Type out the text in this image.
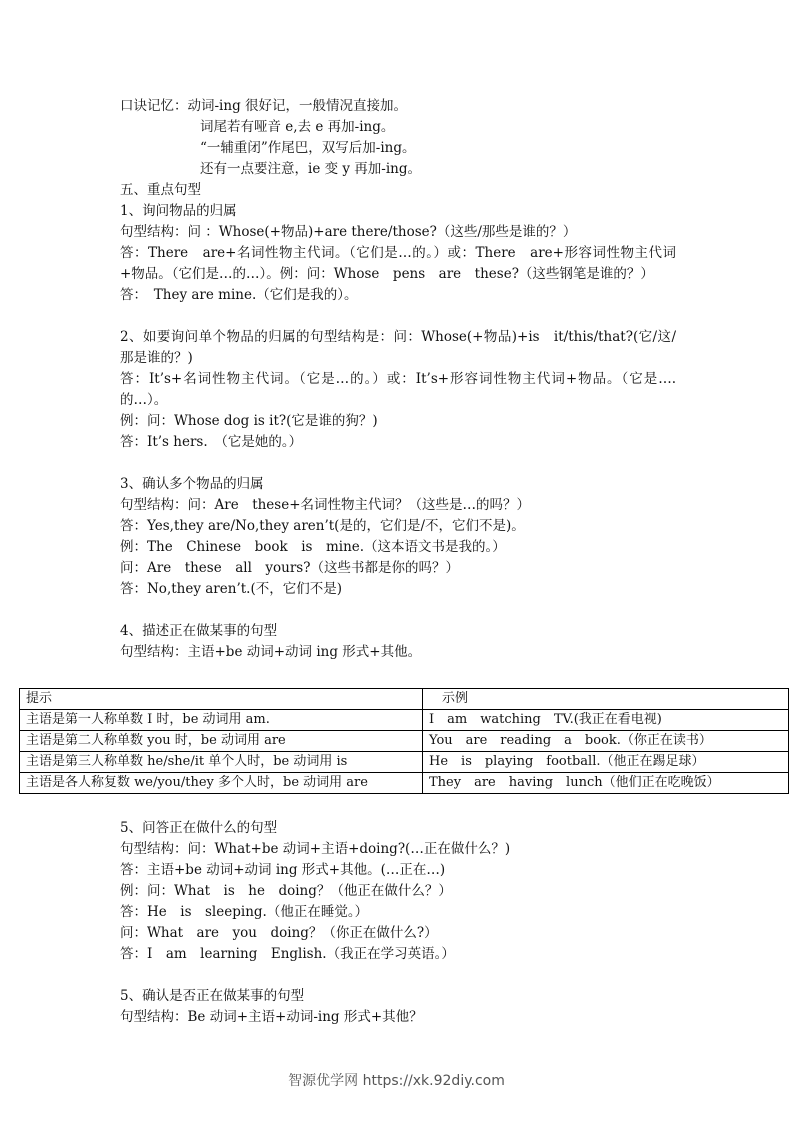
口诀记忆：动词-ing 很好记，一般情况直接加。
词尾若有哑音 e,去 e 再加-ing。
“一辅重闭”作尾巴，双写后加-ing。
还有一点要注意，ie 变 y 再加-ing。
五、重点句型
1、询问物品的归属
句型结构：问 ：Whose(+物品)+are there/those?（这些/那些是谁的？）
答：There　are+名词性物主代词。（它们是…的。）或：There　are+形容词性物主代词+物品。（它们是…的…）。例：问：Whose　pens　are　these?（这些钢笔是谁的？）
答：　They are mine.（它们是我的）。
2、如要询问单个物品的归属的句型结构是：问：Whose(+物品)+is　it/this/that?(它/这/那是谁的？)
答：It’s+名词性物主代词。（它是…的。）或：It’s+形容词性物主代词+物品。（它是….的…）。
例：问：Whose dog is it?(它是谁的狗？)
答：It’s hers.　（它是她的。）
3、确认多个物品的归属
句型结构：问：Are　these+名词性物主代词？（这些是…的吗？）
答：Yes,they are/No,they aren’t(是的，它们是/不，它们不是)。
例：The　Chinese　book　is　mine.（这本语文书是我的。）
问：Are　these　all　yours?（这些书都是你的吗？）
答：No,they aren’t.(不，它们不是)
4、描述正在做某事的句型
句型结构：主语+be 动词+动词 ing 形式+其他。
提示	　示例
主语是第一人称单数 I 时，be 动词用 am.	I　am　watching　TV.(我正在看电视)
主语是第二人称单数 you 时，be 动词用 are	You　are　reading　a　book.（你正在读书）
主语是第三人称单数 he/she/it 单个人时，be 动词用 is	He　is　playing　football.（他正在踢足球）
主语是各人称复数 we/you/they 多个人时，be 动词用 are	They　are　having　lunch（他们正在吃晚饭）
5、问答正在做什么的句型
句型结构：问：What+be 动词+主语+doing?(…正在做什么？)
答：主语+be 动词+动词 ing 形式+其他。(…正在…)
例：问：What　is　he　doing？（他正在做什么？）
答：He　is　sleeping.（他正在睡觉。）
问：What　are　you　doing？（你正在做什么?）
答：I　am　learning　English.（我正在学习英语。）
5、确认是否正在做某事的句型
句型结构：Be 动词+主语+动词-ing 形式+其他？
智源优学网 https://xk.92diy.com
